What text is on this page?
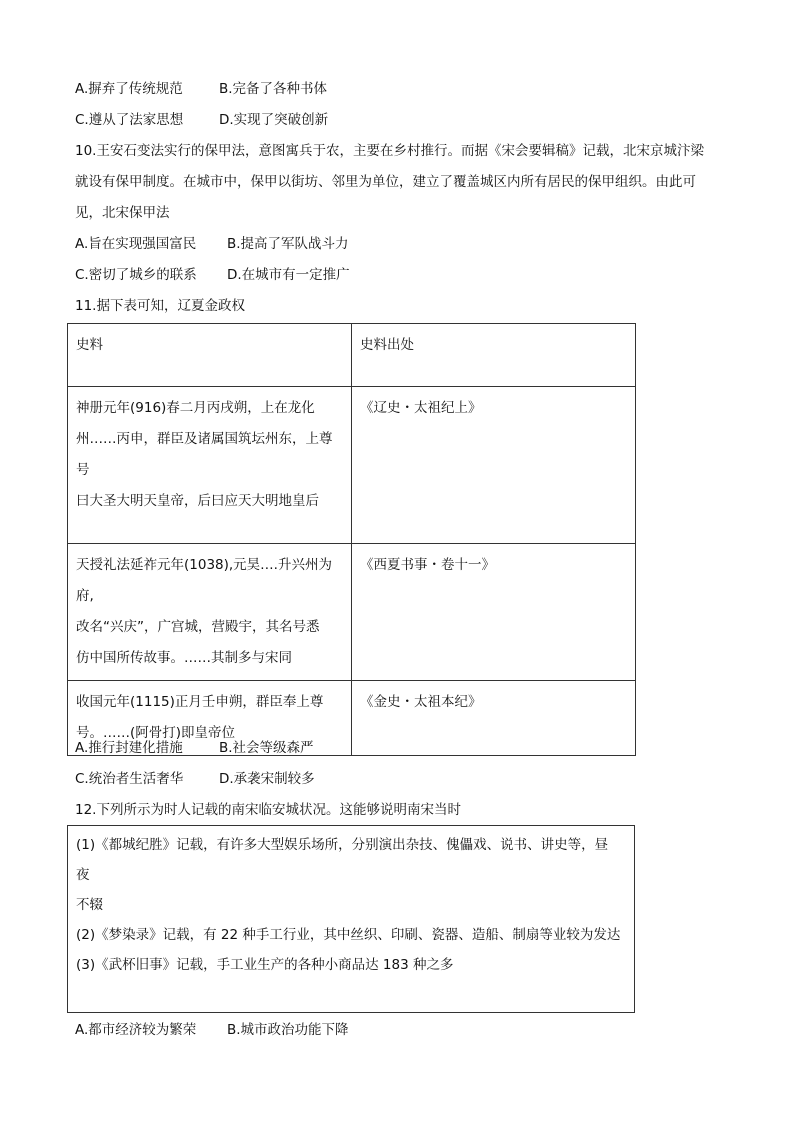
A.摒弃了传统规范	B.完备了各种书体
C.遵从了法家思想	D.实现了突破创新
10.王安石变法实行的保甲法，意图寓兵于农，主要在乡村推行。而据《宋会要辑稿》记载，北宋京城汴梁
就设有保甲制度。在城市中，保甲以街坊、邻里为单位，建立了覆盖城区内所有居民的保甲组织。由此可
见，北宋保甲法
A.旨在实现强国富民 B.提高了军队战斗力
C.密切了城乡的联系 D.在城市有一定推广
11.据下表可知，辽夏金政权
史料	史料出处

神册元年(916)春二月丙戌朔，上在龙化
州……丙申，群臣及诸属国筑坛州东，上尊号
曰大圣大明天皇帝，后曰应天大明地皇后	《辽史・太祖纪上》

天授礼法延祚元年(1038),元昊….升兴州为府,
改名“兴庆”，广宫城，营殿宇，其名号悉
仿中国所传故事。……其制多与宋同	《西夏书事・卷十一》

收国元年(1115)正月壬申朔，群臣奉上尊
号。……(阿骨打)即皇帝位	《金史・太祖本纪》
A.推行封建化措施	B.社会等级森严
C.统治者生活奢华	D.承袭宋制较多
12.下列所示为时人记载的南宋临安城状况。这能够说明南宋当时
(1)《都城纪胜》记载，有许多大型娱乐场所，分别演出杂技、傀儡戏、说书、讲史等，昼
夜
不辍
(2)《梦染录》记载，有 22 种手工行业，其中丝织、印刷、瓷器、造船、制扇等业较为发达
(3)《武杯旧事》记载，手工业生产的各种小商品达 183 种之多
A.都市经济较为繁荣 B.城市政治功能下降
